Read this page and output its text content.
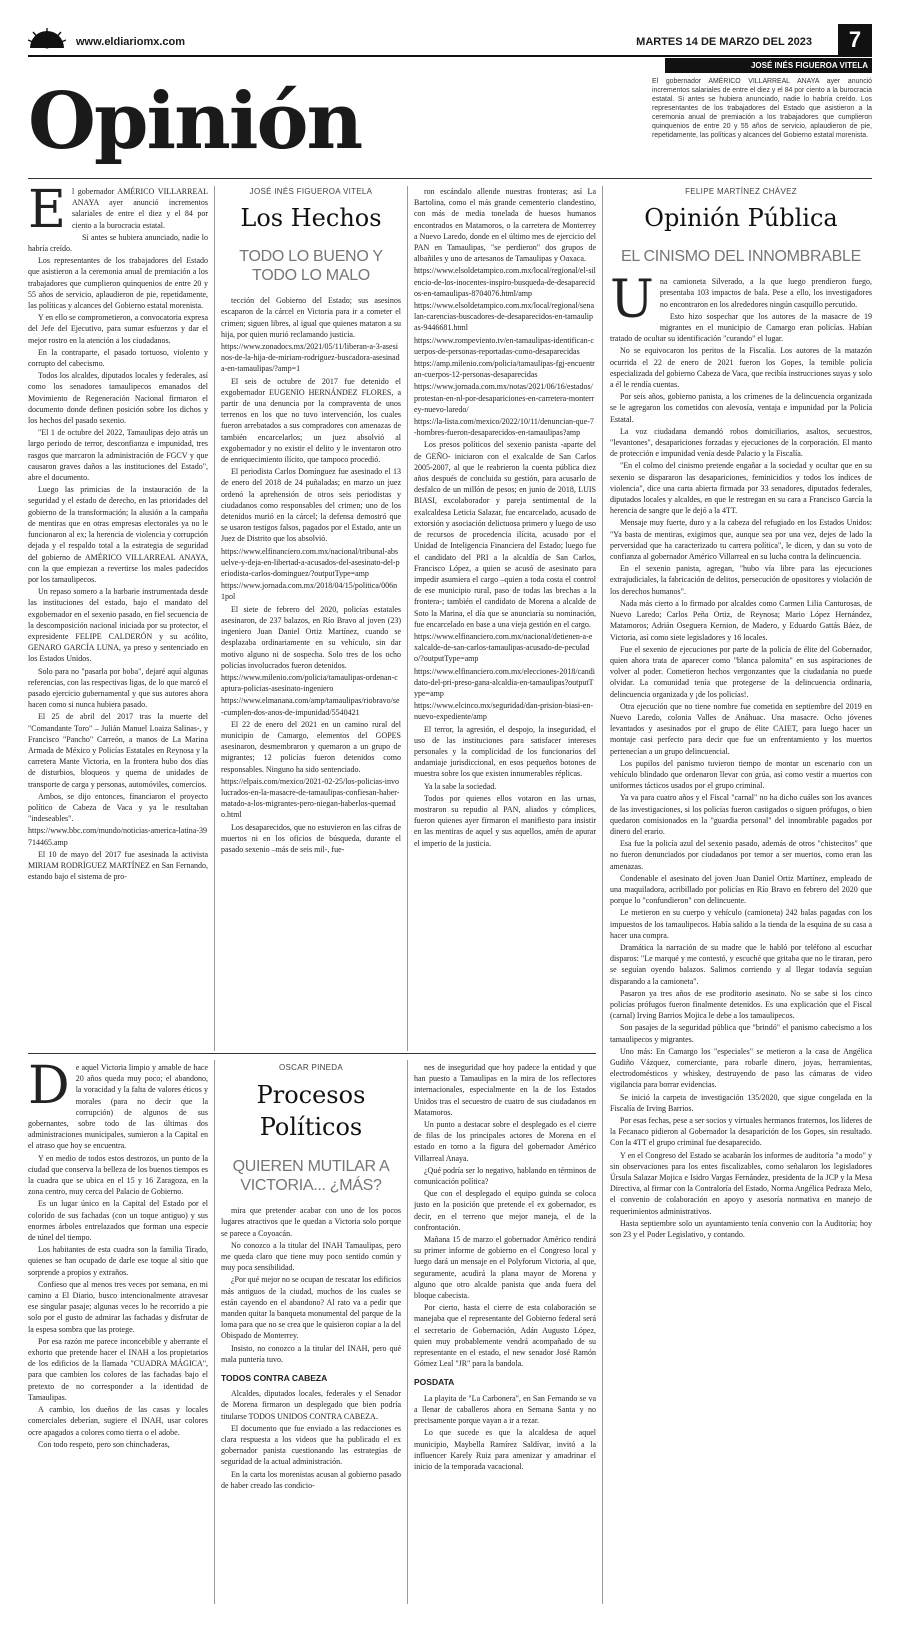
www.eldiariomx.com	MARTES 14 DE MARZO DEL 2023	7
Opinión
JOSÉ INÉS FIGUEROA VITELA
El gobernador AMÉRICO VILLARREAL ANAYA ayer anunció incrementos salariales de entre el diez y el 84 por ciento a la burocracia estatal. Si antes se hubiera anunciado, nadie lo habría creído. Los representantes de los trabajadores del Estado que asistieron a la ceremonia anual de premiación a los trabajadores que cumplieron quinquenios de entre 20 y 55 años de servicio, aplaudieron de pie, repetidamente, las políticas y alcances del Gobierno estatal morenista.
E l gobernador AMÉRICO VILLARREAL ANAYA ayer anunció incrementos salariales de entre el diez y el 84 por ciento a la burocracia estatal.

Si antes se hubiera anunciado, nadie lo habría creído.

Los representantes de los trabajadores del Estado que asistieron a la ceremonia anual de premiación a los trabajadores que cumplieron quinquenios de entre 20 y 55 años de servicio, aplaudieron de pie, repetidamente, las políticas y alcances del Gobierno estatal morenista.

Y en ello se comprometieron, a convocatoria expresa del Jefe del Ejecutivo, para sumar esfuerzos y dar el mejor rostro en la atención a los ciudadanos.

En la contraparte, el pasado tortuoso, violento y corrupto del cabecismo.

Todos los alcaldes, diputados locales y federales, así como los senadores tamaulipecos emanados del Movimiento de Regeneración Nacional firmaron el documento donde definen posición sobre los dichos y los hechos del pasado sexenio.

"El 1 de octubre del 2022, Tamaulipas dejo atrás un largo periodo de terror, desconfianza e impunidad, tres rasgos que marcaron la administración de FGCV y que causaron graves daños a las instituciones del Estado", abre el documento.

Luego las primicias de la instauración de la seguridad y el estado de derecho, en las prioridades del gobierno de la transformación; la alusión a la campaña de mentiras que en otras empresas electorales ya no le funcionaron al ex; la herencia de violencia y corrupción dejada y el respaldo total a la estrategia de seguridad del gobierno de AMÉRICO VILLARREAL ANAYA, con la que empiezan a revertirse los males padecidos por los tamaulipecos.

Un repaso somero a la barbarie instrumentada desde las instituciones del estado, bajo el mandato del exgobernador en el sexenio pasado, en fiel secuencia de la descomposición nacional iniciada por su protector, el expresidente FELIPE CALDERÓN y su acólito, GENARO GARCÍA LUNA, ya preso y sentenciado en los Estados Unidos.

Solo para no "pasarla por boba", dejaré aquí algunas referencias, con las respectivas ligas, de lo que marcó el pasado ejercicio gubernamental y que sus autores ahora hacen como si nunca hubiera pasado.

El 25 de abril del 2017 tras la muerte del "Comandante Toro" – Julián Manuel Loaiza Salinas-, y Francisco "Pancho" Carreón, a manos de La Marina Armada de México y Policías Estatales en Reynosa y la carretera Mante Victoria, en la frontera hubo dos días de disturbios, bloqueos y quema de unidades de transporte de carga y personas, automóviles, comercios.

Ambos, se dijo entonces, financiaron el proyecto político de Cabeza de Vaca y ya le resultaban "indeseables".

https://www.bbc.com/mundo/noticias-america-latina-39714465.amp

El 10 de mayo del 2017 fue asesinada la activista MIRIAM RODRÍGUEZ MARTÍNEZ en San Fernando, estando bajo el sistema de pro-

JOSÉ INÉS FIGUEROA VITELA
Los Hechos
TODO LO BUENO Y TODO LO MALO

tección del Gobierno del Estado; sus asesinos escaparon de la cárcel en Victoria para ir a cometer el crimen; siguen libres, al igual que quienes mataron a su hija, por quien murió reclamando justicia.

https://www.zonadocs.mx/2021/05/11/liberan-a-3-asesinos-de-la-hija-de-miriam-rodriguez-buscadora-asesinada-en-tamaulipas/?amp=1

El seis de octubre de 2017 fue detenido el exgobernador EUGENIO HERNÁNDEZ FLORES, a partir de una denuncia por la compraventa de unos terrenos en los que no tuvo intervención, los cuales fueron arrebatados a sus compradores con amenazas de también encarcelarlos; un juez absolvió al exgobernador y no existir el delito y le inventaron otro de enriquecimiento ilícito, que tampoco procedió.

El periodista Carlos Domínguez fue asesinado el 13 de enero del 2018 de 24 puñaladas; en marzo un juez ordenó la aprehensión de otros seis periodistas y ciudadanos como responsables del crimen; uno de los detenidos murió en la cárcel; la defensa demostró que se usaron testigos falsos, pagados por el Estado, ante un Juez de Distrito que los absolvió.

https://www.elfinanciero.com.mx/nacional/tribunal-absuelve-y-deja-en-libertad-a-acusados-del-asesinato-del-periodista-carlos-dominguez/?outputType=amp

https://www.jornada.com.mx/2018/04/15/politica/006n1pol

El siete de febrero del 2020, policías estatales asesinaron, de 237 balazos, en Río Bravo al joven (23) ingeniero Juan Daniel Ortiz Martínez, cuando se desplazaba ordinariamente en su vehículo, sin dar motivo alguno ni de sospecha. Solo tres de los ocho policías involucrados fueron detenidos.

https://www.milenio.com/policia/tamaulipas-ordenan-captura-policias-asesinato-ingeniero

https://www.elmanana.com/amp/tamaulipas/riobravo/se-cumplen-dos-anos-de-impunidad/5540421

El 22 de enero del 2021 en un camino rural del municipio de Camargo, elementos del GOPES asesinaron, desmembraron y quemaron a un grupo de migrantes; 12 policías fueron detenidos como responsables. Ninguno ha sido sentenciado.

https://elpais.com/mexico/2021-02-25/los-policias-involucrados-en-la-masacre-de-tamaulipas-confiesan-haber-matado-a-los-migrantes-pero-niegan-haberlos-quemado.html

Los desaparecidos, que no estuvieron en las cifras de muertos ni en los oficios de búsqueda, durante el pasado sexenio –más de seis mil-, fue-

ron escándalo allende nuestras fronteras; así La Bartolina, como el más grande cementerio clandestino, con más de media tonelada de huesos humanos encontrados en Matamoros, o la carretera de Monterrey a Nuevo Laredo, donde en el último mes de ejercicio del PAN en Tamaulipas, "se perdieron" dos grupos de albañiles y uno de artesanos de Tamaulipas y Oaxaca.

https://www.elsoldetampico.com.mx/local/regional/el-silencio-de-los-inocentes-inspiro-busqueda-de-desaparecidos-en-tamaulipas-8704076.html/amp

https://www.elsoldetampico.com.mx/local/regional/senalan-carencias-buscadores-de-desaparecidos-en-tamaulipas-9446681.html

https://www.rompeviento.tv/en-tamaulipas-identifican-cuerpos-de-personas-reportadas-como-desaparecidas

https://amp.milenio.com/policia/tamaulipas-fgj-encuentran-cuerpos-12-personas-desaparecidas

https://www.jornada.com.mx/notas/2021/06/16/estados/protestan-en-nl-por-desapariciones-en-carretera-monterrey-nuevo-laredo/

https://la-lista.com/mexico/2022/10/11/denuncian-que-7-hombres-fueron-desaparecidos-en-tamaulipas?amp

Los presos políticos del sexenio panista -aparte del de GEÑO- iniciaron con el exalcalde de San Carlos 2005-2007, al que le reabrieron la cuenta pública diez años después de concluida su gestión, para acusarlo de desfalco de un millón de pesos; en junio de 2018, LUIS BIASI, excolaborador y pareja sentimental de la exalcaldesa Leticia Salazar, fue encarcelado, acusado de extorsión y asociación delictuosa primero y luego de uso de recursos de procedencia ilícita, acusado por el Unidad de Inteligencia Financiera del Estado; luego fue el candidato del PRI a la alcaldía de San Carlos, Francisco López, a quien se acusó de asesinato para impedir asumiera el cargo –quien a toda costa el control de ese municipio rural, paso de todas las brechas a la frontera-; también el candidato de Morena a alcalde de Soto la Marina, el día que se anunciaría su nominación, fue encarcelado en base a una vieja gestión en el cargo.

https://www.elfinanciero.com.mx/nacional/detienen-a-exalcalde-de-san-carlos-tamaulipas-acusado-de-peculado/?outputType=amp

https://www.elfinanciero.com.mx/elecciones-2018/candidato-del-pri-preso-gana-alcaldia-en-tamaulipas?outputType=amp

https://www.elcinco.mx/seguridad/dan-prision-biasi-en-nuevo-expediente/amp

El terror, la agresión, el despojo, la inseguridad, el uso de las instituciones para satisfacer intereses personales y la complicidad de los funcionarios del andamiaje jurisdiccional, en esos pequeños botones de muestra sobre los que existen innumerables réplicas.

Ya la sabe la sociedad.

Todos por quienes ellos votaron en las urnas, mostraron su repudio al PAN, aliados y cómplices, fueron quienes ayer firmaron el manifiesto para insistir en las mentiras de aquel y sus aquellos, amén de apurar el imperio de la justicia.

FELIPE MARTÍNEZ CHÁVEZ
Opinión Pública
EL CINISMO DEL INNOMBRABLE
U na camioneta Silverado, a la que luego prendieron fuego, presentaba 103 impactos de bala. Pese a ello, los investigadores no encontraron en los alrededores ningún casquillo percutido.

Esto hizo sospechar que los autores de la masacre de 19 migrantes en el municipio de Camargo eran policías. Habían tratado de ocultar su identificación "curando" el lugar.

No se equivocaron los peritos de la Fiscalía. Los autores de la matazón ocurrida el 22 de enero de 2021 fueron los Gopes, la temible policía especializada del gobierno Cabeza de Vaca, que recibía instrucciones suyas y solo a él le rendía cuentas.

Por seis años, gobierno panista, a los crímenes de la delincuencia organizada se le agregaron los cometidos con alevosía, ventaja e impunidad por la Policía Estatal.

La voz ciudadana demandó robos domiciliarios, asaltos, secuestros, "levantones", desapariciones forzadas y ejecuciones de la corporación. El manto de protección e impunidad venía desde Palacio y la Fiscalía.

"En el colmo del cinismo pretende engañar a la sociedad y ocultar que en su sexenio se dispararon las desapariciones, feminicidios y todos los índices de violencia", dice una carta abierta firmada por 33 senadores, diputados federales, diputados locales y alcaldes, en que le restregan en su cara a Francisco García la herencia de sangre que le dejó a la 4TT.

Mensaje muy fuerte, duro y a la cabeza del refugiado en los Estados Unidos: "Ya basta de mentiras, exigimos que, aunque sea por una vez, dejes de lado la perversidad que ha caracterizado tu carrera política", le dicen, y dan su voto de confianza al gobernador Américo Villarreal en su lucha contra la delincuencia.

En el sexenio panista, agregan, "hubo vía libre para las ejecuciones extrajudiciales, la fabricación de delitos, persecución de opositores y violación de los derechos humanos".

Nada más cierto a lo firmado por alcaldes como Carmen Lilia Canturosas, de Nuevo Laredo; Carlos Peña Ortiz, de Reynosa; Mario López Hernández, Matamoros; Adrián Oseguera Kernion, de Madero, y Eduardo Gattás Báez, de Victoria, así como siete legisladores y 16 locales.

Fue el sexenio de ejecuciones por parte de la policía de élite del Gobernador, quien ahora trata de aparecer como "blanca palomita" en sus aspiraciones de volver al poder. Cometieron hechos vergonzantes que la ciudadanía no puede olvidar. La comunidad tenía que protegerse de la delincuencia ordinaria, delincuencia organizada y ¡de los policías!.

Otra ejecución que no tiene nombre fue cometida en septiembre del 2019 en Nuevo Laredo, colonia Valles de Anáhuac. Una masacre. Ocho jóvenes levantados y asesinados por el grupo de élite CAIET, para luego hacer un montaje casi perfecto para decir que fue un enfrentamiento y los muertos pertenecían a un grupo delincuencial.

Los pupilos del panismo tuvieron tiempo de montar un escenario con un vehículo blindado que ordenaron llevar con grúa, así como vestir a muertos con uniformes tácticos usados por el grupo criminal.

Ya va para cuatro años y el Fiscal "carnal" no ha dicho cuáles son los avances de las investigaciones, si los policías fueron castigados o siguen prófugos, o bien quedaron comisionados en la "guardia personal" del innombrable pagados por dinero del erario.

Esa fue la policía azul del sexenio pasado, además de otros "chistecitos" que no fueron denunciados por ciudadanos por temor a ser muertos, como eran las amenazas.

Condenable el asesinato del joven Juan Daniel Ortiz Martínez, empleado de una maquiladora, acribillado por policías en Río Bravo en febrero del 2020 que porque lo "confundieron" con delincuente.

Le metieron en su cuerpo y vehículo (camioneta) 242 balas pagadas con los impuestos de los tamaulipecos. Había salido a la tienda de la esquina de su casa a hacer una compra.

Dramática la narración de su madre que le habló por teléfono al escuchar disparos: "Le marqué y me contestó, y escuché que gritaba que no le tiraran, pero se seguían oyendo balazos. Salimos corriendo y al llegar todavía seguían disparando a la camioneta".

Pasaron ya tres años de ese proditorio asesinato. No se sabe si los cinco policías prófugos fueron finalmente detenidos. Es una explicación que el Fiscal (carnal) Irving Barrios Mojica le debe a los tamaulipecos.

Son pasajes de la seguridad pública que "brindó" el panismo cabecismo a los tamaulipecos y migrantes.

Uno más: En Camargo los "especiales" se metieron a la casa de Angélica Gudiño Vázquez, comerciante, para robarle dinero, joyas, herramientas, electrodomésticos y whiskey, destruyendo de paso las cámaras de video vigilancia para borrar evidencias.

Se inició la carpeta de investigación 135/2020, que sigue congelada en la Fiscalía de Irving Barrios.

Por esas fechas, pese a ser socios y virtuales hermanos fraternos, los líderes de la Fecanaco pidieron al Gobernador la desaparición de los Gopes, sin resultado. Con la 4TT el grupo criminal fue desaparecido.

Y en el Congreso del Estado se acabarán los informes de auditoría "a modo" y sin observaciones para los entes fiscalizables, como señalaron los legisladores Úrsula Salazar Mojica e Isidro Vargas Fernández, presidenta de la JCP y la Mesa Directiva, al firmar con la Contraloría del Estado, Norma Angélica Pedraza Melo, el convenio de colaboración en apoyo y asesoría normativa en manejo de requerimientos administrativos.

Hasta septiembre solo un ayuntamiento tenía convenio con la Auditoría; hoy son 23 y el Poder Legislativo, y contando.

D e aquel Victoria limpio y amable de hace 20 años queda muy poco; el abandono, la voracidad y la falta de valores éticos y morales (para no decir que la corrupción) de algunos de sus gobernantes, sobre todo de las últimas dos administraciones municipales, sumieron a la Capital en el atraso que hoy se encuentra.

Y en medio de todos estos destrozos, un punto de la ciudad que conserva la belleza de los buenos tiempos es la cuadra que se ubica en el 15 y 16 Zaragoza, en la zona centro, muy cerca del Palacio de Gobierno.

Es un lugar único en la Capital del Estado por el colorido de sus fachadas (con un toque antiguo) y sus enormes árboles entrelazados que forman una especie de túnel del tiempo.

Los habitantes de esta cuadra son la familia Tirado, quienes se han ocupado de darle ese toque al sitio que sorprende a propios y extraños.

Confieso que al menos tres veces por semana, en mi camino a El Diario, busco intencionalmente atravesar ese singular pasaje; algunas veces lo he recorrido a pie solo por el gusto de admirar las fachadas y disfrutar de la espesa sombra que las protege.

Por esa razón me parece inconcebible y aberrante el exhorto que pretende hacer el INAH a los propietarios de los edificios de la llamada "CUADRA MÁGICA", para que cambien los colores de las fachadas bajo el pretexto de no corresponder a la identidad de Tamaulipas.

A cambio, los dueños de las casas y locales comerciales deberían, sugiere el INAH, usar colores ocre apagados a colores como tierra o el adobe.

Con todo respeto, pero son chinchaderas,

OSCAR PINEDA
Procesos Políticos
QUIEREN MUTILAR A VICTORIA... ¿MÁS?

mira que pretender acabar con uno de los pocos lugares atractivos que le quedan a Victoria solo porque se parece a Coyoacán.

No conozco a la titular del INAH Tamaulipas, pero me queda claro que tiene muy poco sentido común y muy poca sensibilidad.

¿Por qué mejor no se ocupan de rescatar los edificios más antiguos de la ciudad, muchos de los cuales se están cayendo en el abandono? Al rato va a pedir que manden quitar la banqueta monumental del parque de la loma para que no se crea que le quisieron copiar a la del Obispado de Monterrey.

Insisto, no conozco a la titular del INAH, pero qué mala puntería tuvo.

TODOS CONTRA CABEZA

Alcaldes, diputados locales, federales y el Senador de Morena firmaron un desplegado que bien podría titularse TODOS UNIDOS CONTRA CABEZA.

El documento que fue enviado a las redacciones es clara respuesta a los videos que ha publicado el ex gobernador panista cuestionando las estrategias de seguridad de la actual administración.

En la carta los morenistas acusan al gobierno pasado de haber creado las condicio-

nes de inseguridad que hoy padece la entidad y que han puesto a Tamaulipas en la mira de los reflectores internacionales, especialmente en la de los Estados Unidos tras el secuestro de cuatro de sus ciudadanos en Matamoros.

Un punto a destacar sobre el desplegado es el cierre de filas de los principales actores de Morena en el estado en torno a la figura del gobernador Américo Villarreal Anaya.

¿Qué podría ser lo negativo, hablando en términos de comunicación política?

Que con el desplegado el equipo guinda se coloca justo en la posición que pretende el ex gobernador, es decir, en el terreno que mejor maneja, el de la confrontación.

Mañana 15 de marzo el gobernador Américo rendirá su primer informe de gobierno en el Congreso local y luego dará un mensaje en el Polyforum Victoria, al que, seguramente, acudirá la plana mayor de Morena y alguno que otro alcalde panista que anda fuera del bloque cabecista.

Por cierto, hasta el cierre de esta colaboración se manejaba que el representante del Gobierno federal será el secretario de Gobernación, Adán Augusto López, quien muy probablemente vendrá acompañado de su representante en el estado, el new senador José Ramón Gómez Leal "JR" para la bandola.

POSDATA

La playita de "La Carbonera", en San Fernando se va a llenar de caballeros ahora en Semana Santa y no precisamente porque vayan a ir a rezar.

Lo que sucede es que la alcaldesa de aquel municipio, Maybella Ramírez Saldívar, invitó a la influencer Karely Ruiz para amenizar y amadrinar el inicio de la temporada vacacional.
